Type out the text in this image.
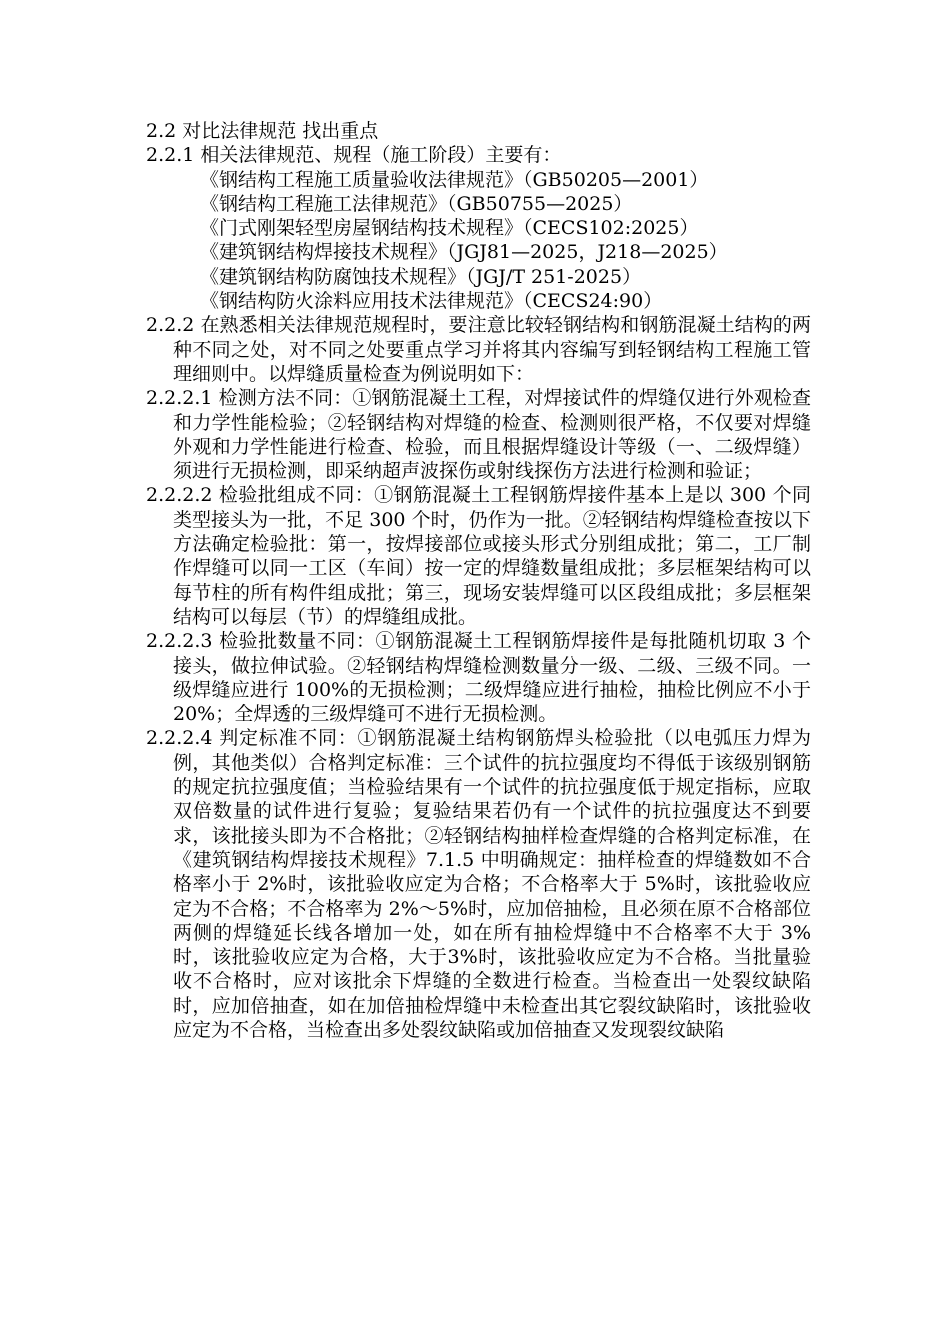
2.2 对比法律规范 找出重点
2.2.1 相关法律规范、规程（施工阶段）主要有：
《钢结构工程施工质量验收法律规范》（GB50205—2001）
《钢结构工程施工法律规范》（GB50755—2025）
《门式刚架轻型房屋钢结构技术规程》（CECS102:2025）
《建筑钢结构焊接技术规程》（JGJ81—2025，J218—2025）
《建筑钢结构防腐蚀技术规程》（JGJ/T 251-2025）
《钢结构防火涂料应用技术法律规范》（CECS24:90）
2.2.2 在熟悉相关法律规范规程时，要注意比较轻钢结构和钢筋混凝土结构的两种不同之处，对不同之处要重点学习并将其内容编写到轻钢结构工程施工管理细则中。以焊缝质量检查为例说明如下：
2.2.2.1 检测方法不同：①钢筋混凝土工程，对焊接试件的焊缝仅进行外观检查和力学性能检验；②轻钢结构对焊缝的检查、检测则很严格，不仅要对焊缝外观和力学性能进行检查、检验，而且根据焊缝设计等级（一、二级焊缝）须进行无损检测，即采纳超声波探伤或射线探伤方法进行检测和验证；
2.2.2.2 检验批组成不同：①钢筋混凝土工程钢筋焊接件基本上是以 300 个同类型接头为一批，不足 300 个时，仍作为一批。②轻钢结构焊缝检查按以下方法确定检验批：第一，按焊接部位或接头形式分别组成批；第二，工厂制作焊缝可以同一工区（车间）按一定的焊缝数量组成批；多层框架结构可以每节柱的所有构件组成批；第三，现场安装焊缝可以区段组成批；多层框架结构可以每层（节）的焊缝组成批。
2.2.2.3 检验批数量不同：①钢筋混凝土工程钢筋焊接件是每批随机切取 3 个接头，做拉伸试验。②轻钢结构焊缝检测数量分一级、二级、三级不同。一级焊缝应进行 100%的无损检测；二级焊缝应进行抽检，抽检比例应不小于 20%；全焊透的三级焊缝可不进行无损检测。
2.2.2.4 判定标准不同：①钢筋混凝土结构钢筋焊头检验批（以电弧压力焊为例，其他类似）合格判定标准：三个试件的抗拉强度均不得低于该级别钢筋的规定抗拉强度值；当检验结果有一个试件的抗拉强度低于规定指标，应取双倍数量的试件进行复验；复验结果若仍有一个试件的抗拉强度达不到要求，该批接头即为不合格批；②轻钢结构抽样检查焊缝的合格判定标准，在《建筑钢结构焊接技术规程》7.1.5 中明确规定：抽样检查的焊缝数如不合格率小于 2%时，该批验收应定为合格；不合格率大于 5%时，该批验收应定为不合格；不合格率为 2%～5%时，应加倍抽检，且必须在原不合格部位两侧的焊缝延长线各增加一处，如在所有抽检焊缝中不合格率不大于 3%时，该批验收应定为合格，大于3%时，该批验收应定为不合格。当批量验收不合格时，应对该批余下焊缝的全数进行检查。当检查出一处裂纹缺陷时，应加倍抽查，如在加倍抽检焊缝中未检查出其它裂纹缺陷时，该批验收应定为不合格，当检查出多处裂纹缺陷或加倍抽查又发现裂纹缺陷
